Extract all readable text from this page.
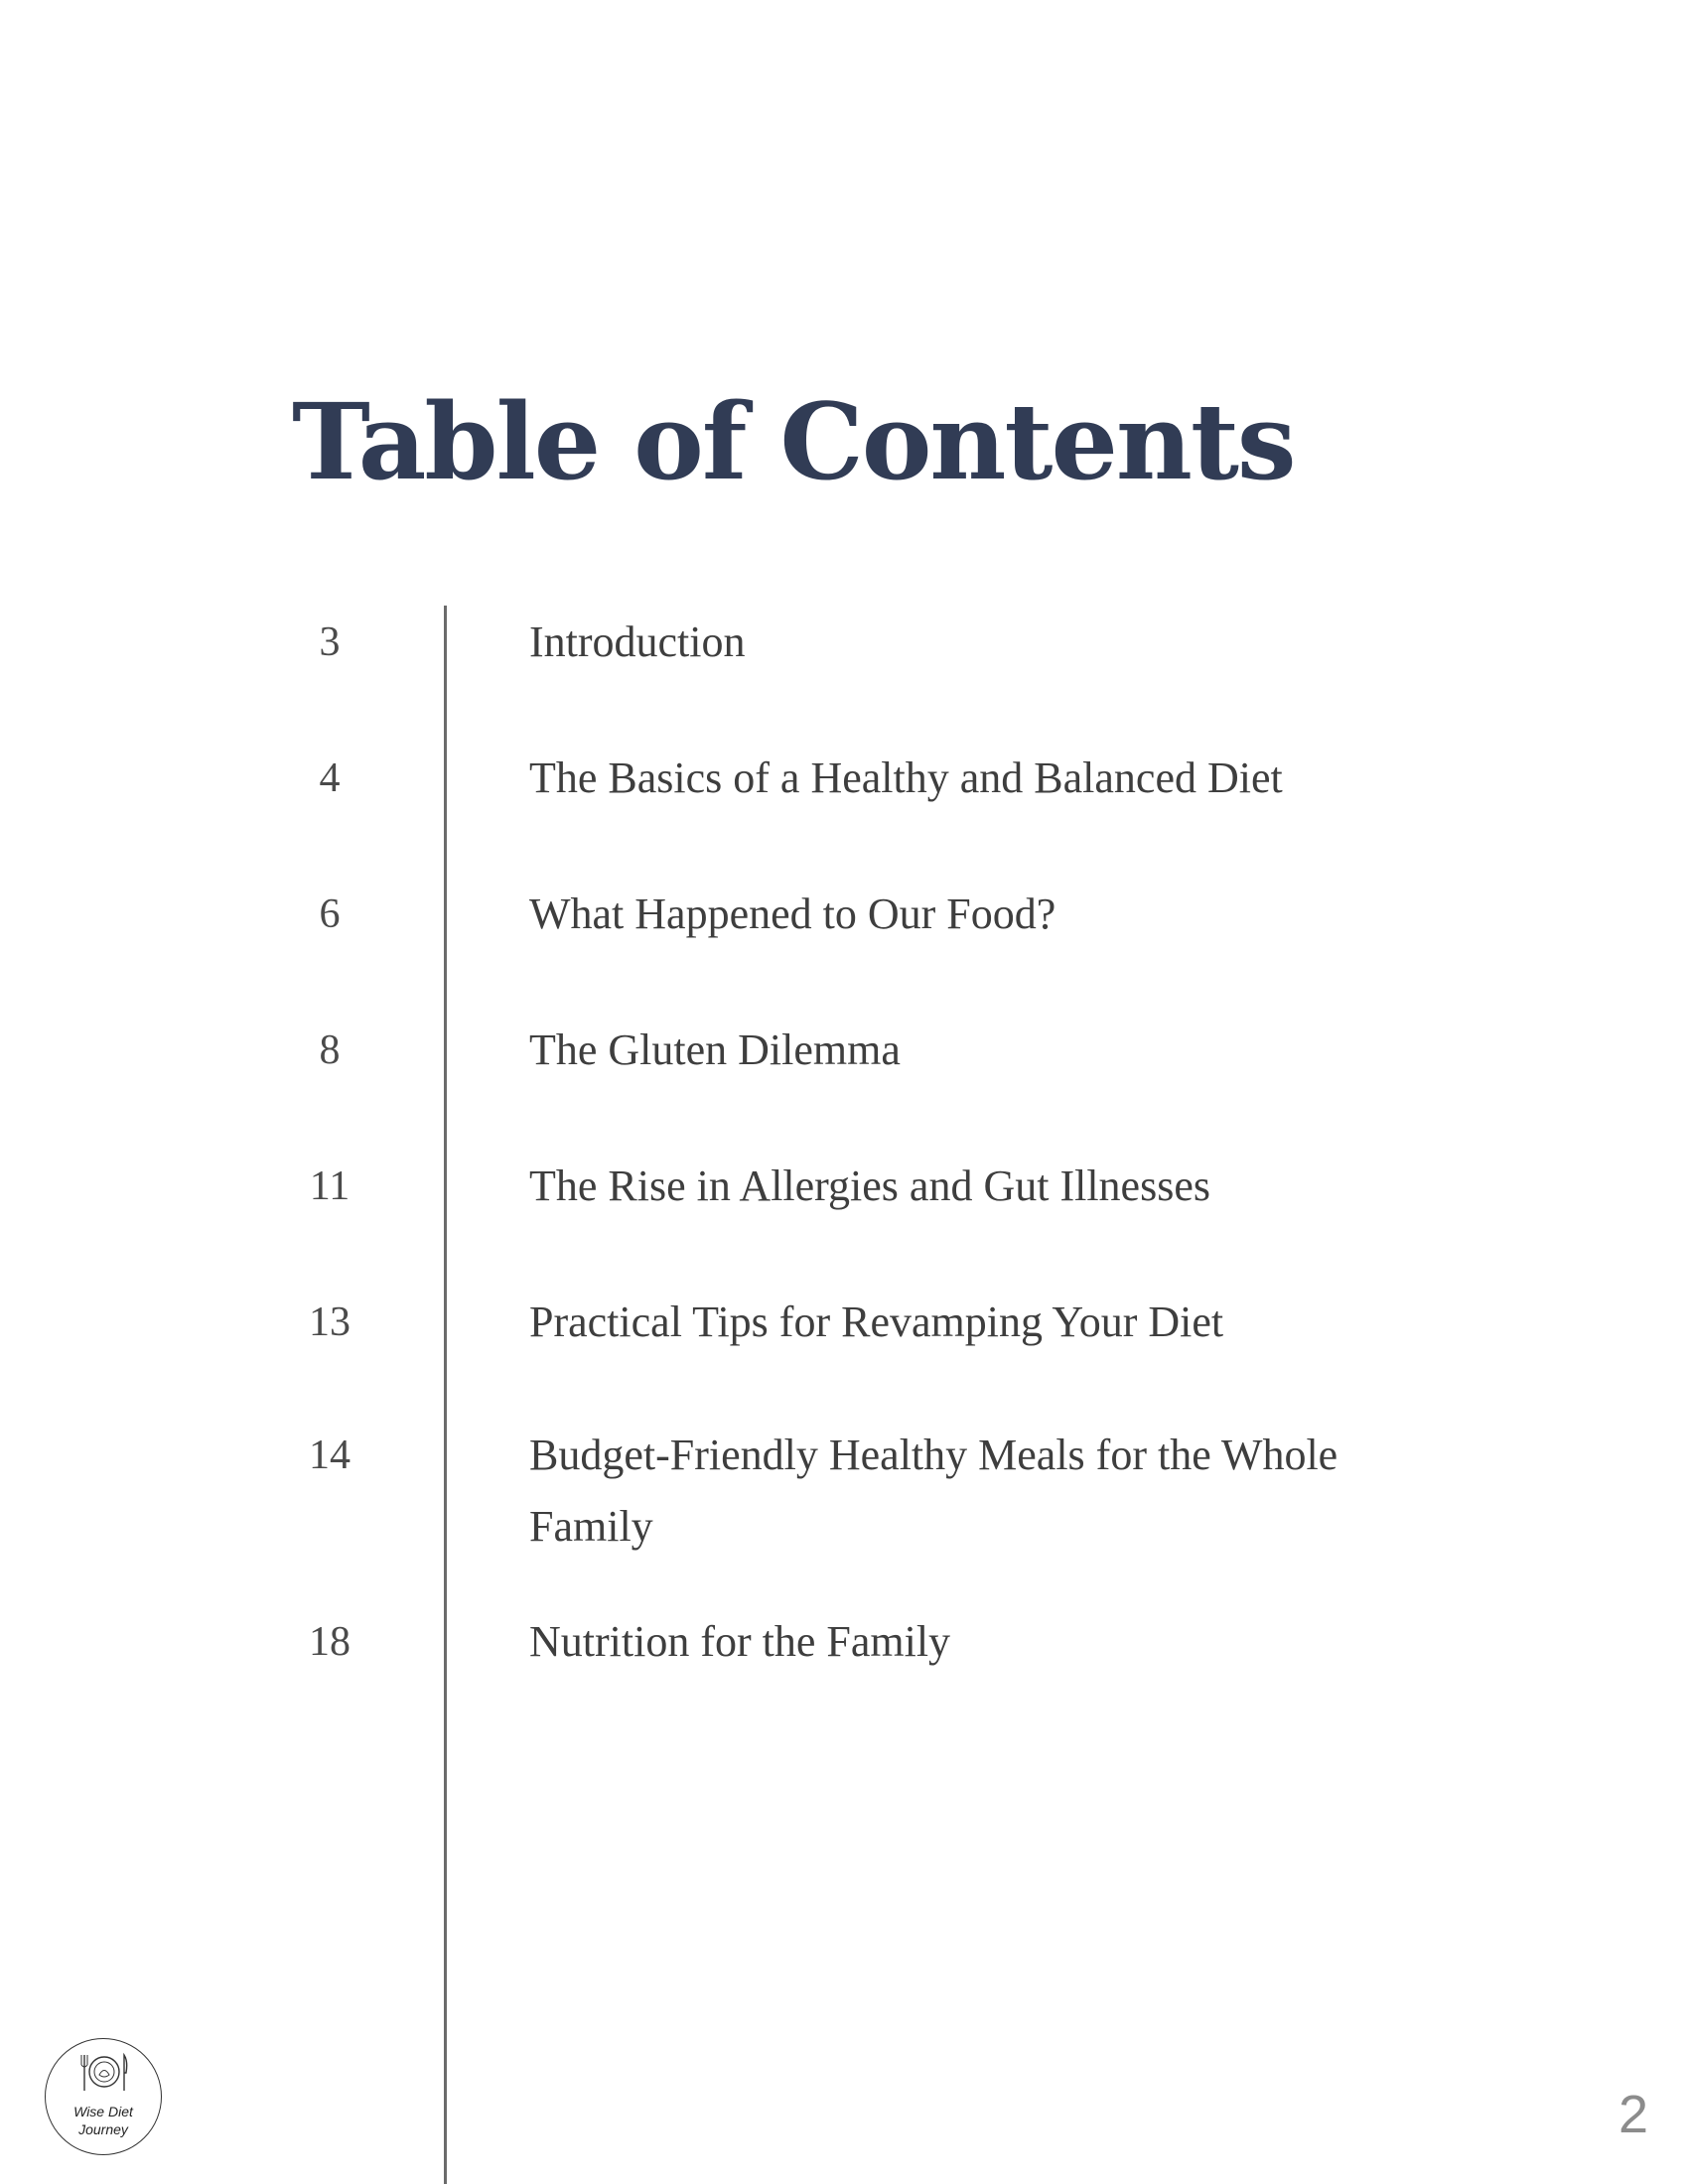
Table of Contents
3	Introduction
4	The Basics of a Healthy and Balanced Diet
6	What Happened to Our Food?
8	The Gluten Dilemma
11	The Rise in Allergies and Gut Illnesses
13	Practical Tips for Revamping Your Diet
14	Budget-Friendly Healthy Meals for the Whole Family
18	Nutrition for the Family
Wise Diet
Journey	2
